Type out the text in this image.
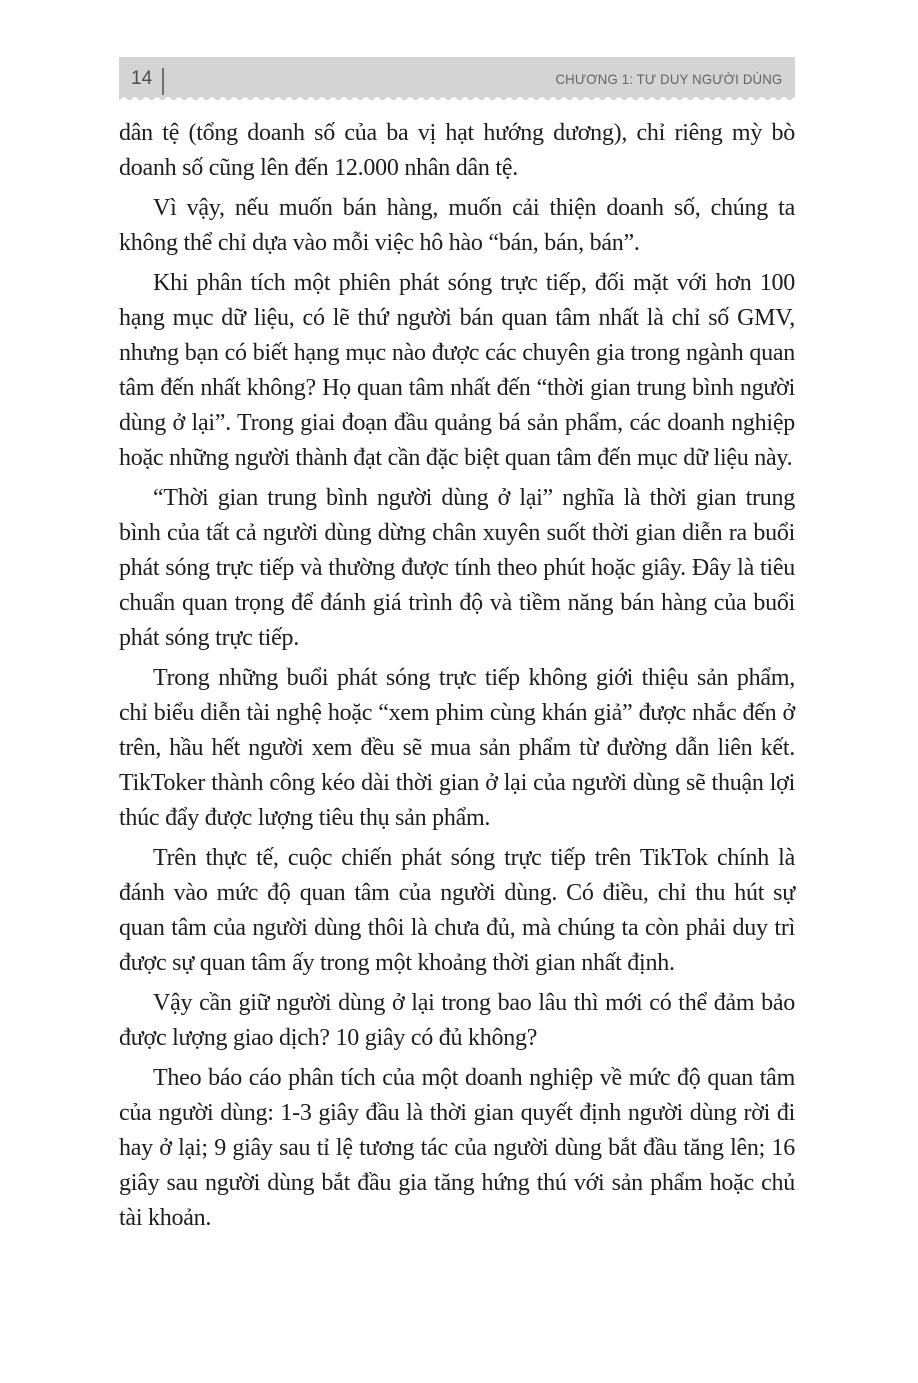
14	CHƯƠNG 1: TƯ DUY NGƯỜI DÙNG

dân tệ (tổng doanh số của ba vị hạt hướng dương), chỉ riêng mỳ bò doanh số cũng lên đến 12.000 nhân dân tệ.

Vì vậy, nếu muốn bán hàng, muốn cải thiện doanh số, chúng ta không thể chỉ dựa vào mỗi việc hô hào “bán, bán, bán”.

Khi phân tích một phiên phát sóng trực tiếp, đối mặt với hơn 100 hạng mục dữ liệu, có lẽ thứ người bán quan tâm nhất là chỉ số GMV, nhưng bạn có biết hạng mục nào được các chuyên gia trong ngành quan tâm đến nhất không? Họ quan tâm nhất đến “thời gian trung bình người dùng ở lại”. Trong giai đoạn đầu quảng bá sản phẩm, các doanh nghiệp hoặc những người thành đạt cần đặc biệt quan tâm đến mục dữ liệu này.

“Thời gian trung bình người dùng ở lại” nghĩa là thời gian trung bình của tất cả người dùng dừng chân xuyên suốt thời gian diễn ra buổi phát sóng trực tiếp và thường được tính theo phút hoặc giây. Đây là tiêu chuẩn quan trọng để đánh giá trình độ và tiềm năng bán hàng của buổi phát sóng trực tiếp.

Trong những buổi phát sóng trực tiếp không giới thiệu sản phẩm, chỉ biểu diễn tài nghệ hoặc “xem phim cùng khán giả” được nhắc đến ở trên, hầu hết người xem đều sẽ mua sản phẩm từ đường dẫn liên kết. TikToker thành công kéo dài thời gian ở lại của người dùng sẽ thuận lợi thúc đẩy được lượng tiêu thụ sản phẩm.

Trên thực tế, cuộc chiến phát sóng trực tiếp trên TikTok chính là đánh vào mức độ quan tâm của người dùng. Có điều, chỉ thu hút sự quan tâm của người dùng thôi là chưa đủ, mà chúng ta còn phải duy trì được sự quan tâm ấy trong một khoảng thời gian nhất định.

Vậy cần giữ người dùng ở lại trong bao lâu thì mới có thể đảm bảo được lượng giao dịch? 10 giây có đủ không?

Theo báo cáo phân tích của một doanh nghiệp về mức độ quan tâm của người dùng: 1-3 giây đầu là thời gian quyết định người dùng rời đi hay ở lại; 9 giây sau tỉ lệ tương tác của người dùng bắt đầu tăng lên; 16 giây sau người dùng bắt đầu gia tăng hứng thú với sản phẩm hoặc chủ tài khoản.
